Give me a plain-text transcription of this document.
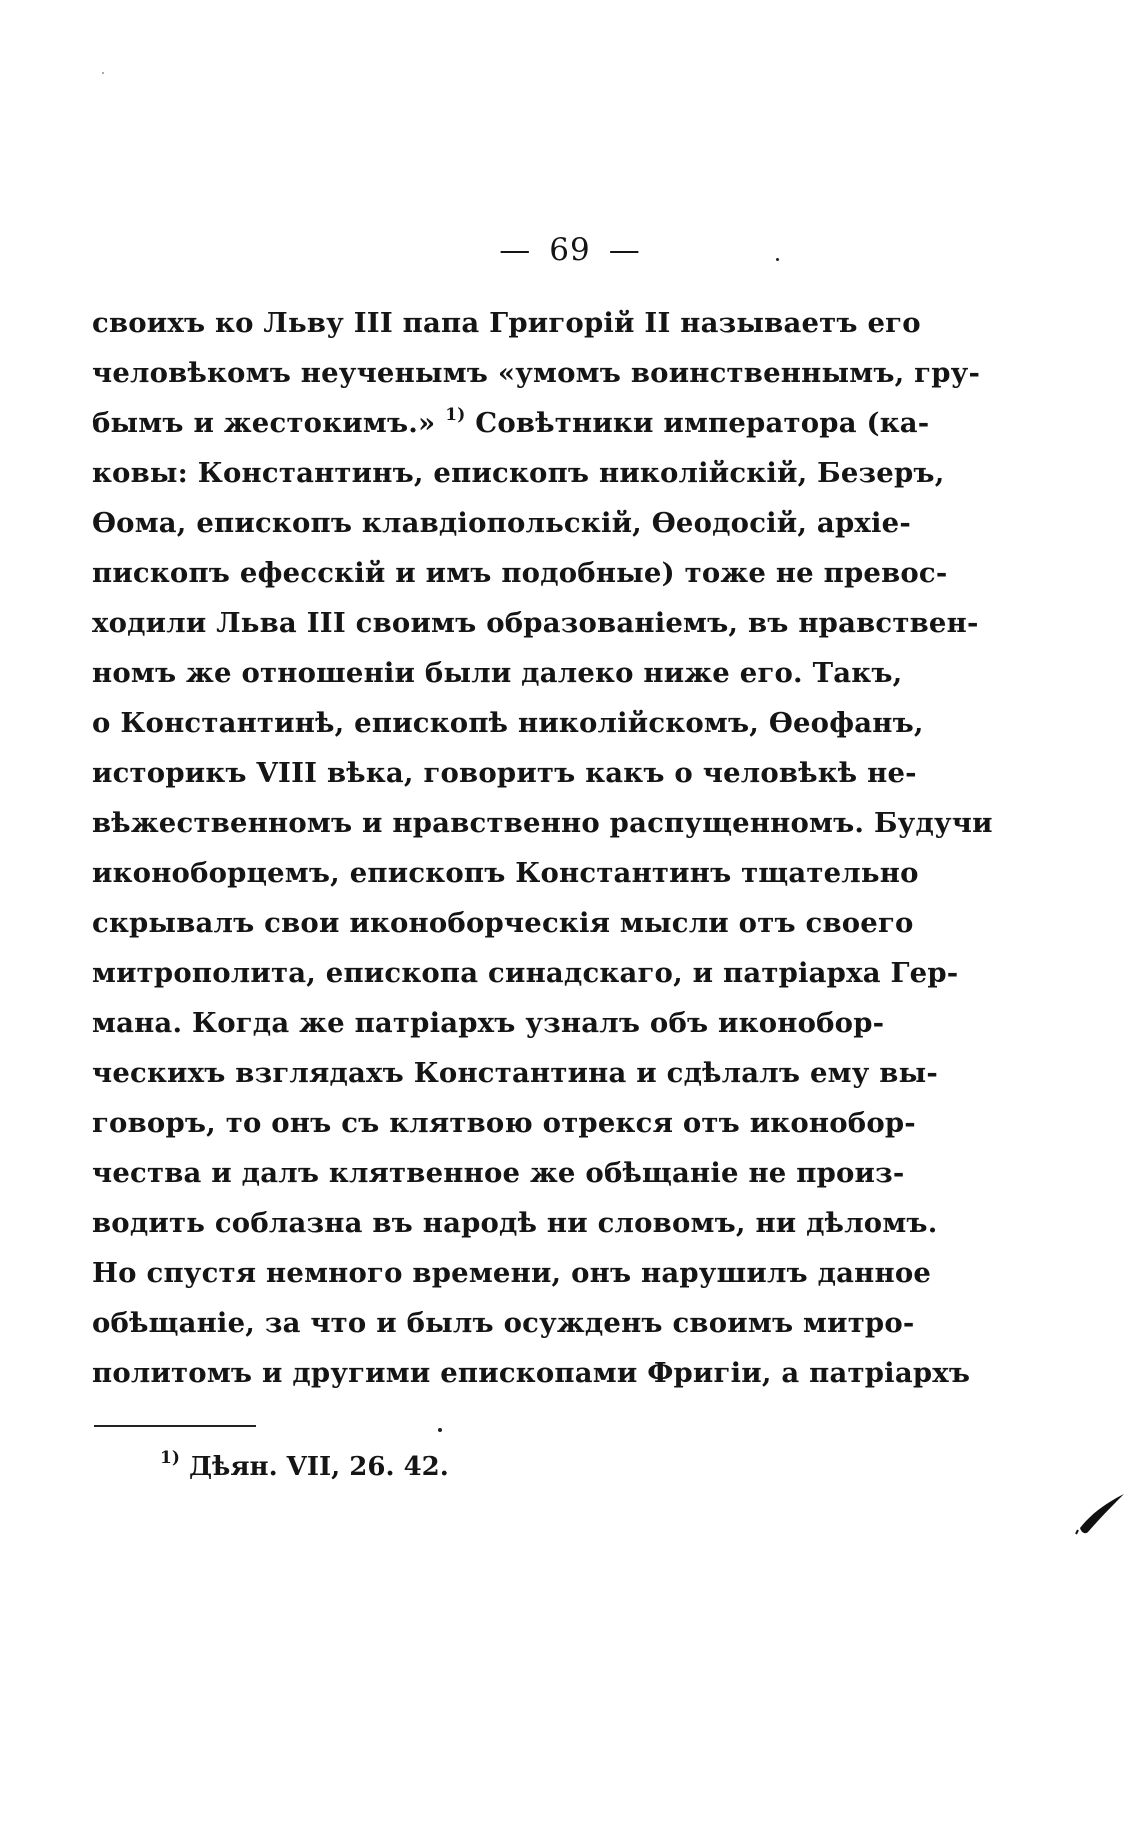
— 69 —
своихъ ко Льву III папа Григорій II называетъ его
человѣкомъ неученымъ «умомъ воинственнымъ, гру-
бымъ и жестокимъ.» $^{1)}$ Совѣтники императора (ка-
ковы: Константинъ, епископъ николійскій, Безеръ,
Ѳома, епископъ клавдіопольскій, Ѳеодосій, архіе-
пископъ ефесскій и имъ подобные) тоже не превос-
ходили Льва III своимъ образованіемъ, въ нравствен-
номъ же отношеніи были далеко ниже его. Такъ,
о Константинѣ, епископѣ николійскомъ, Ѳеофанъ,
историкъ VIII вѣка, говоритъ какъ о человѣкѣ не-
вѣжественномъ и нравственно распущенномъ. Будучи
иконоборцемъ, епископъ Константинъ тщательно
скрывалъ свои иконоборческія мысли отъ своего
митрополита, епископа синадскаго, и патріарха Гер-
мана. Когда же патріархъ узналъ объ иконобор-
ческихъ взглядахъ Константина и сдѣлалъ ему вы-
говоръ, то онъ съ клятвою отрекся отъ иконобор-
чества и далъ клятвенное же обѣщаніе не произ-
водить соблазна въ народѣ ни словомъ, ни дѣломъ.
Но спустя немного времени, онъ нарушилъ данное
обѣщаніе, за что и былъ осужденъ своимъ митро-
политомъ и другими епископами Фригіи, а патріархъ
$^{1)}$ Дѣян. VII, 26. 42.
